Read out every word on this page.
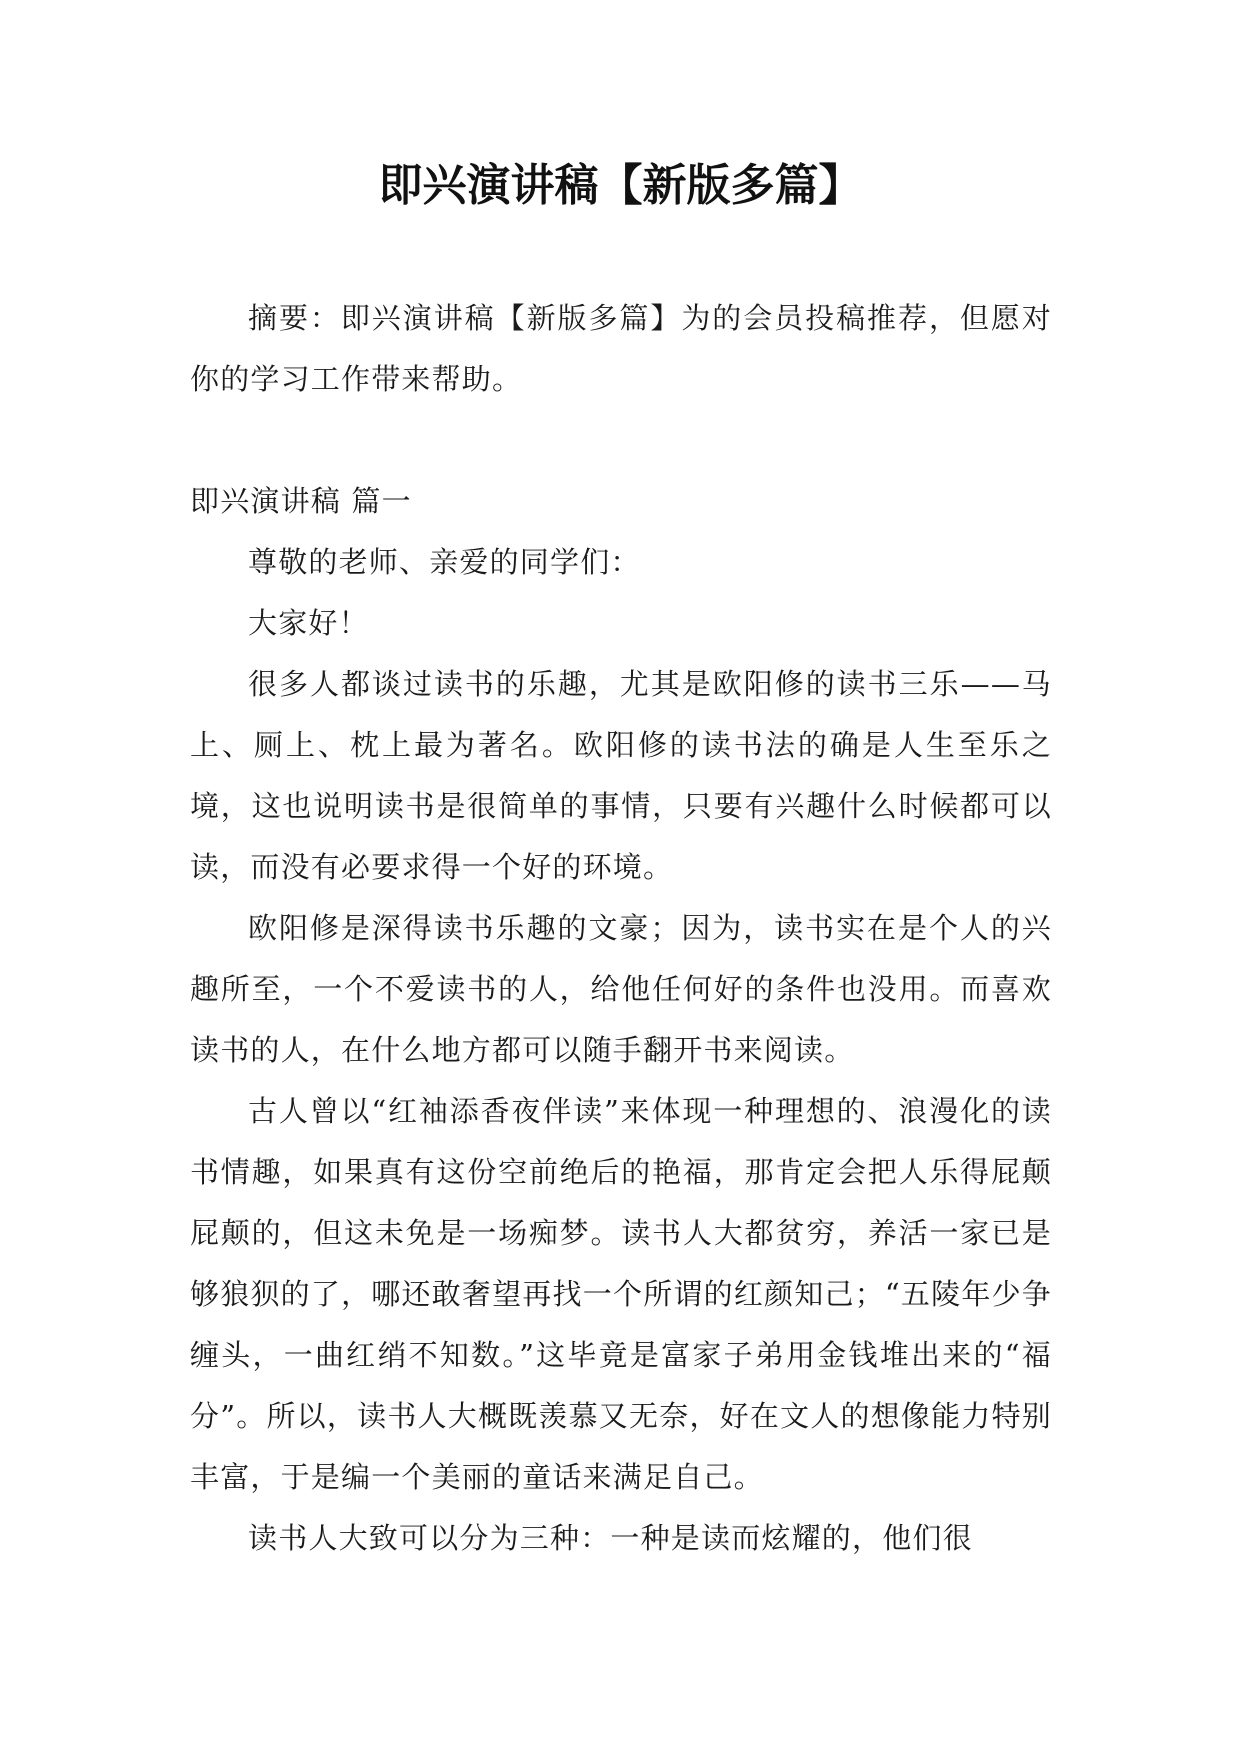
即兴演讲稿【新版多篇】

摘要：即兴演讲稿【新版多篇】为的会员投稿推荐，但愿对你的学习工作带来帮助。

即兴演讲稿 篇一

尊敬的老师、亲爱的同学们：

大家好！

很多人都谈过读书的乐趣，尤其是欧阳修的读书三乐——马上、厕上、枕上最为著名。欧阳修的读书法的确是人生至乐之境，这也说明读书是很简单的事情，只要有兴趣什么时候都可以读，而没有必要求得一个好的环境。

欧阳修是深得读书乐趣的文豪；因为，读书实在是个人的兴趣所至，一个不爱读书的人，给他任何好的条件也没用。而喜欢读书的人，在什么地方都可以随手翻开书来阅读。

古人曾以“红袖添香夜伴读”来体现一种理想的、浪漫化的读书情趣，如果真有这份空前绝后的艳福，那肯定会把人乐得屁颠屁颠的，但这未免是一场痴梦。读书人大都贫穷，养活一家已是够狼狈的了，哪还敢奢望再找一个所谓的红颜知己；“五陵年少争缠头，一曲红绡不知数。”这毕竟是富家子弟用金钱堆出来的“福分”。所以，读书人大概既羡慕又无奈，好在文人的想像能力特别丰富，于是编一个美丽的童话来满足自己。

读书人大致可以分为三种：一种是读而炫耀的，他们很
